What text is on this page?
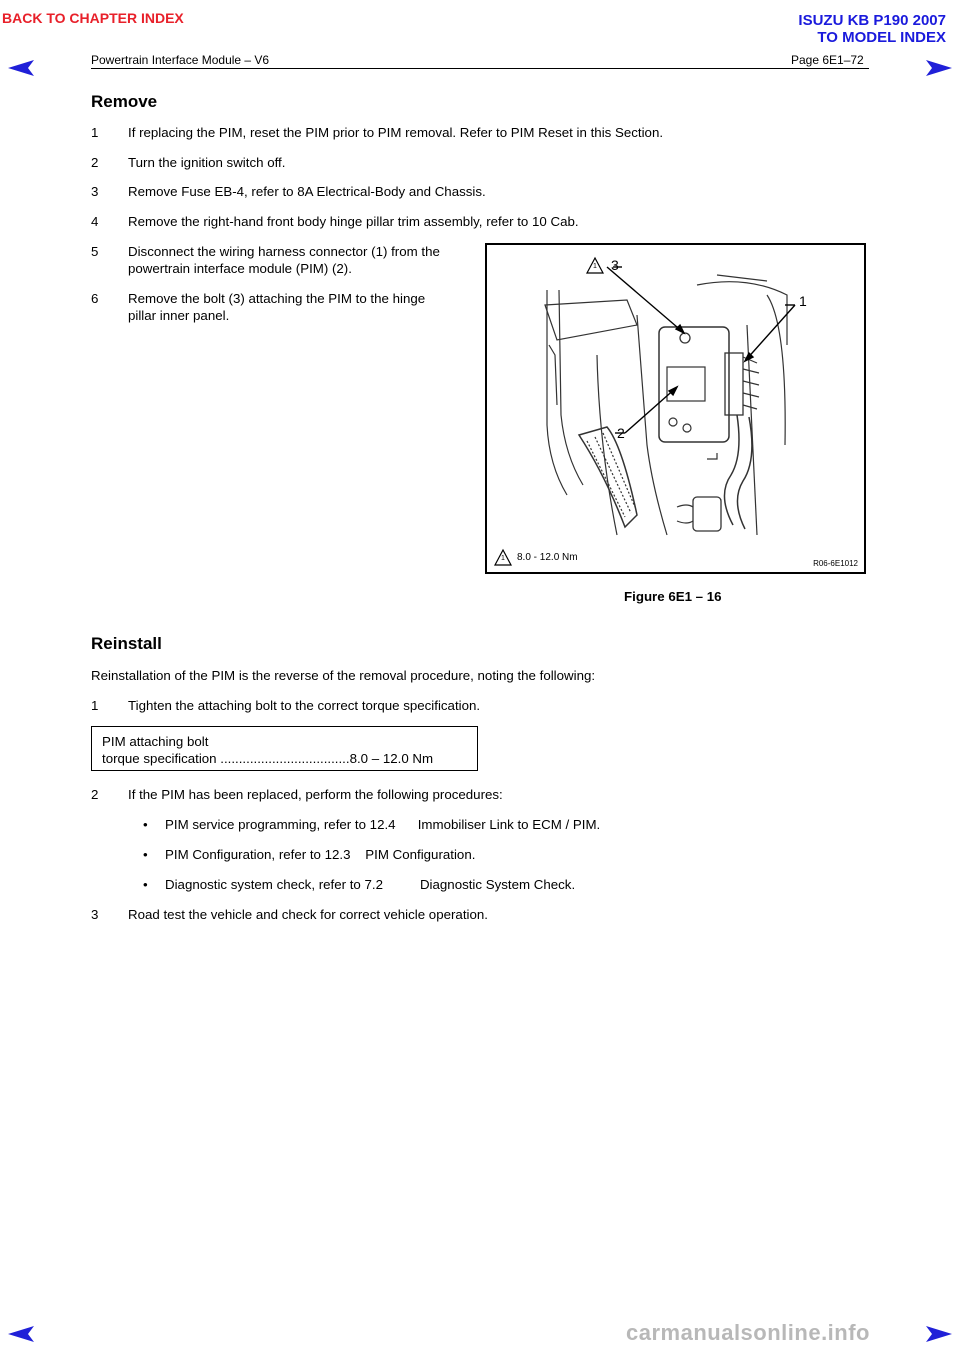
BACK TO CHAPTER INDEX	ISUZU KB P190 2007
TO MODEL INDEX
Powertrain Interface Module – V6	Page 6E1–72
Remove
1 If replacing the PIM, reset the PIM prior to PIM removal. Refer to PIM Reset in this Section.
2 Turn the ignition switch off.
3 Remove Fuse EB-4, refer to 8A Electrical-Body and Chassis.
4 Remove the right-hand front body hinge pillar trim assembly, refer to 10 Cab.
5 Disconnect the wiring harness connector (1) from the
powertrain interface module (PIM) (2).
6 Remove the bolt (3) attaching the PIM to the hinge
pillar inner panel.
1 3
1
2
1 8.0 - 12.0 Nm
R06-6E1012
Figure 6E1 – 16
Reinstall
Reinstallation of the PIM is the reverse of the removal procedure, noting the following:
1 Tighten the attaching bolt to the correct torque specification.
PIM attaching bolt
torque specification ...................................8.0 – 12.0 Nm
2 If the PIM has been replaced, perform the following procedures:
• PIM service programming, refer to 12.4      Immobiliser Link to ECM / PIM.
• PIM Configuration, refer to 12.3    PIM Configuration.
• Diagnostic system check, refer to 7.2          Diagnostic System Check.
3 Road test the vehicle and check for correct vehicle operation.
carmanualsonline.info
